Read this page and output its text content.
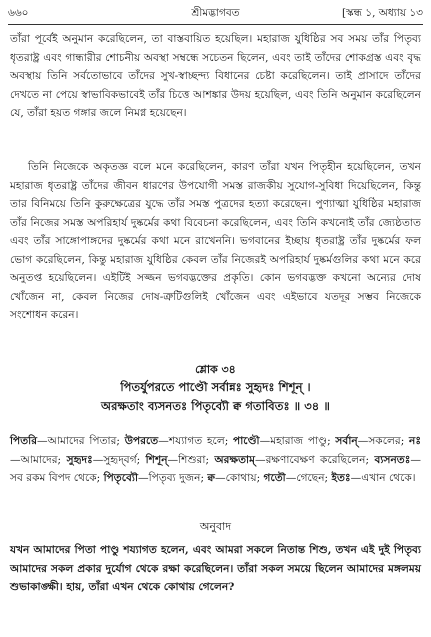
৬৬০	শ্রীমদ্ভাগবত	[স্কন্ধ ১, অধ্যায় ১৩
তাঁরা পূর্বেই অনুমান করেছিলেন, তা বাস্তবায়িত হয়েছিল। মহারাজ যুধিষ্ঠির সব সময় তাঁর পিতৃব্য ধৃতরাষ্ট্র এবং গান্ধারীর শোচনীয় অবস্থা সম্বন্ধে সচেতন ছিলেন, এবং তাই তাঁদের শোকগ্রস্ত এবং বৃদ্ধ অবস্থায় তিনি সর্বতোভাবে তাঁদের সুখ-স্বাচ্ছন্দ্য বিধানের চেষ্টা করেছিলেন। তাই প্রাসাদে তাঁদের দেখতে না পেয়ে স্বাভাবিকভাবেই তাঁর চিত্তে আশঙ্কার উদয় হয়েছিল, এবং তিনি অনুমান করেছিলেন যে, তাঁরা হয়ত গঙ্গার জলে নিমগ্ন হয়েছেন।
তিনি নিজেকে অকৃতজ্ঞ বলে মনে করেছিলেন, কারণ তাঁরা যখন পিতৃহীন হয়েছিলেন, তখন মহারাজ ধৃতরাষ্ট্র তাঁদের জীবন ধারণের উপযোগী সমস্ত রাজকীয় সুযোগ-সুবিধা দিয়েছিলেন, কিন্তু তার বিনিময়ে তিনি কুরুক্ষেত্রের যুদ্ধে তাঁর সমস্ত পুত্রদের হত্যা করেছেন। পুণ্যাত্মা যুধিষ্ঠির মহারাজ তাঁর নিজের সমস্ত অপরিহার্য দুষ্কর্মের কথা বিবেচনা করেছিলেন, এবং তিনি কখনোই তাঁর জ্যেষ্ঠতাত এবং তাঁর সাঙ্গোপাঙ্গদের দুষ্কর্মের কথা মনে রাখেননি। ভগবানের ইচ্ছায় ধৃতরাষ্ট্র তাঁর দুষ্কর্মের ফল ভোগ করেছিলেন, কিন্তু মহারাজ যুধিষ্ঠির কেবল তাঁর নিজেরই অপরিহার্য দুষ্কর্মগুলির কথা মনে করে অনুতপ্ত হয়েছিলেন। এইটিই সজ্জন ভগবদ্ভক্তের প্রকৃতি। কোন ভগবদ্ভক্ত কখনো অন্যের দোষ খোঁজেন না, কেবল নিজের দোষ-ত্রুটিগুলিই খোঁজেন এবং এইভাবে যতদূর সম্ভব নিজেকে সংশোধন করেন।
শ্লোক ৩৪
পিতর্যুপরতে পাণ্ডৌ সর্বান্নঃ সুহৃদঃ শিশূন্ ।
অরক্ষতাং ব্যসনতঃ পিতৃব্যৌ ক্ব গতাবিতঃ ॥ ৩৪ ॥
পিতরি—আমাদের পিতার; উপরতে—শয্যাগত হলে; পাণ্ডৌ—মহারাজ পাণ্ডু; সর্বান্—সকলের; নঃ—আমাদের; সুহৃদঃ—সুহৃদ্‌বর্গ; শিশূন্—শিশুরা; অরক্ষতাম্—রক্ষণাবেক্ষণ করেছিলেন; ব্যসনতঃ—সব রকম বিপদ থেকে; পিতৃব্যৌ—পিতৃব্য দুজন; ক্ব—কোথায়; গতৌ—গেছেন; ইতঃ—এখান থেকে।
অনুবাদ
যখন আমাদের পিতা পাণ্ডু শয্যাগত হলেন, এবং আমরা সকলে নিতান্ত শিশু, তখন এই দুই পিতৃব্য আমাদের সকল প্রকার দুর্যোগ থেকে রক্ষা করেছিলেন। তাঁরা সকল সময়ে ছিলেন আমাদের মঙ্গলময় শুভাকাঙ্ক্ষী। হায়, তাঁরা এখন থেকে কোথায় গেলেন?
